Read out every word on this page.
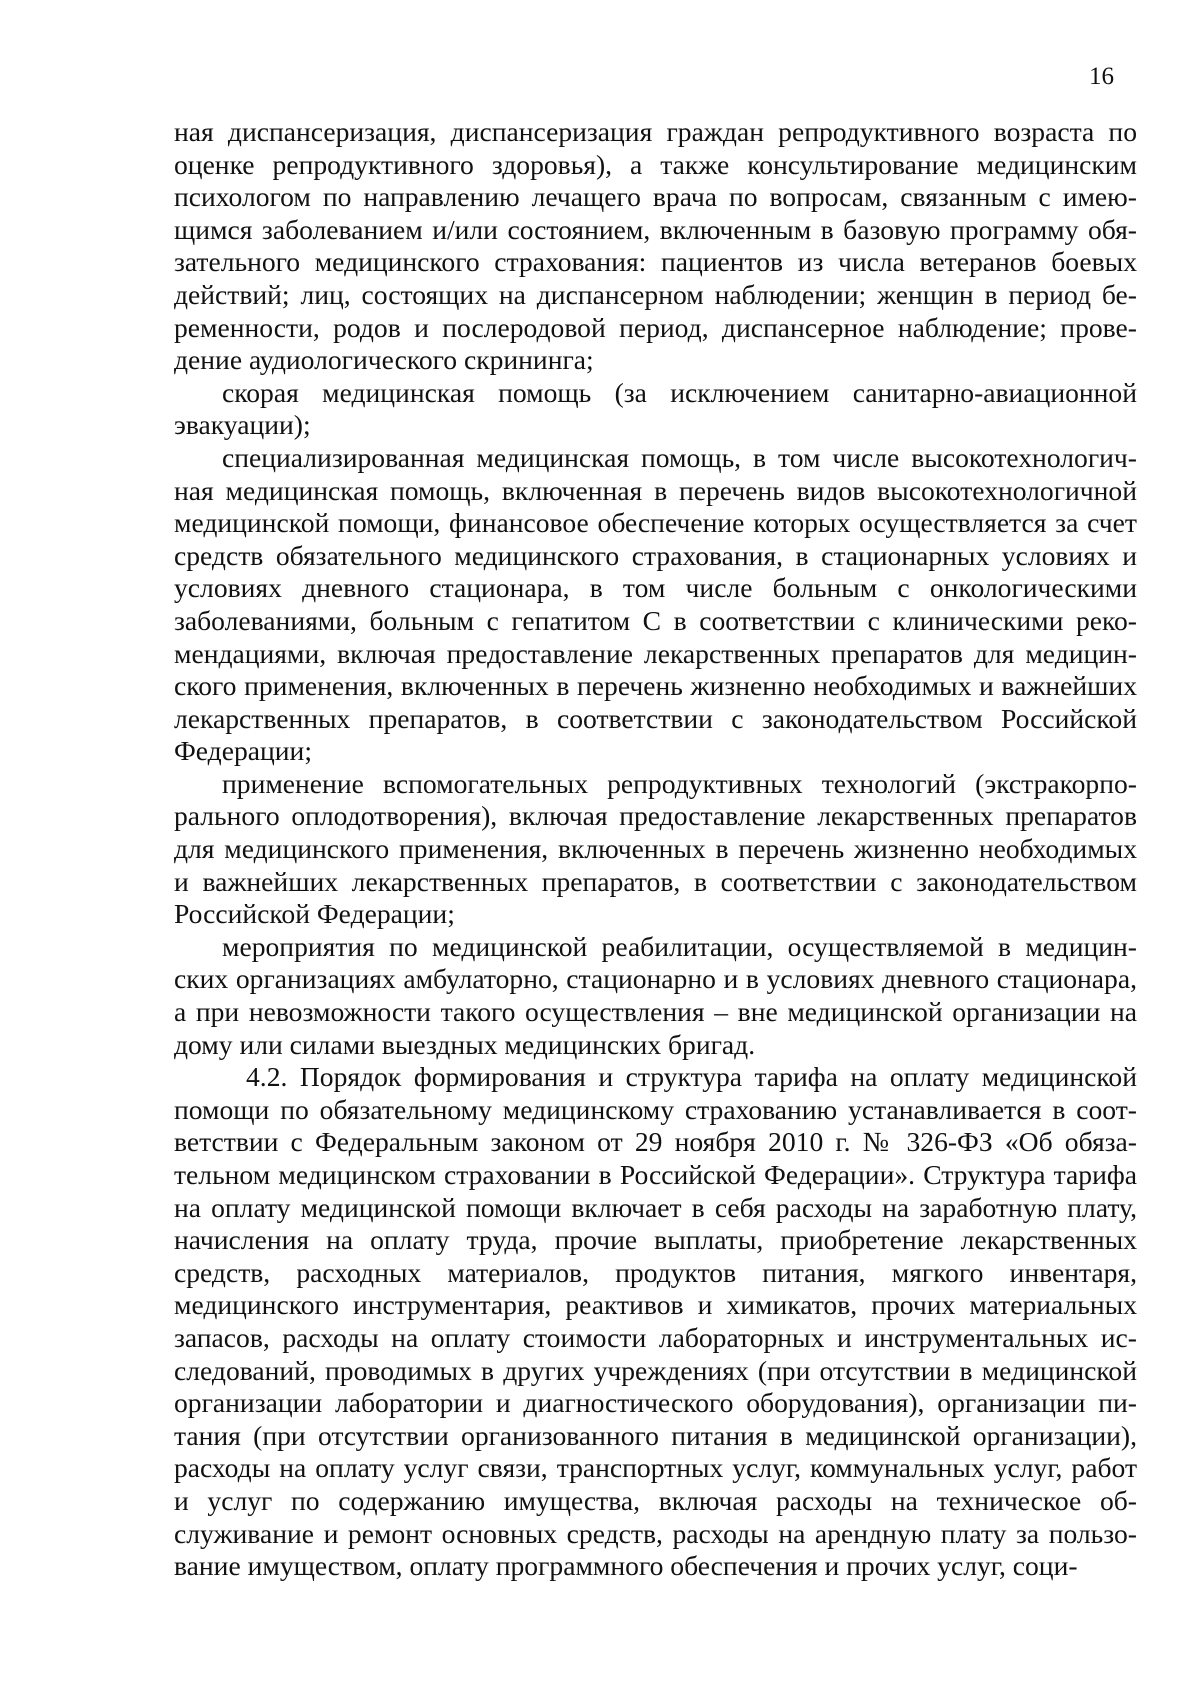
16

ная диспансеризация, диспансеризация граждан репродуктивного возраста по оценке репродуктивного здоровья), а также консультирование медицинским психологом по направлению лечащего врача по вопросам, связанным с имеющимся заболеванием и/или состоянием, включенным в базовую программу обязательного медицинского страхования: пациентов из числа ветеранов боевых действий; лиц, состоящих на диспансерном наблюдении; женщин в период беременности, родов и послеродовой период, диспансерное наблюдение; проведение аудиологического скрининга;

скорая медицинская помощь (за исключением санитарно-авиационной эвакуации);

специализированная медицинская помощь, в том числе высокотехнологичная медицинская помощь, включенная в перечень видов высокотехнологичной медицинской помощи, финансовое обеспечение которых осуществляется за счет средств обязательного медицинского страхования, в стационарных условиях и условиях дневного стационара, в том числе больным с онкологическими заболеваниями, больным с гепатитом С в соответствии с клиническими рекомендациями, включая предоставление лекарственных препаратов для медицинского применения, включенных в перечень жизненно необходимых и важнейших лекарственных препаратов, в соответствии с законодательством Российской Федерации;

применение вспомогательных репродуктивных технологий (экстракорпорального оплодотворения), включая предоставление лекарственных препаратов для медицинского применения, включенных в перечень жизненно необходимых и важнейших лекарственных препаратов, в соответствии с законодательством Российской Федерации;

мероприятия по медицинской реабилитации, осуществляемой в медицинских организациях амбулаторно, стационарно и в условиях дневного стационара, а при невозможности такого осуществления – вне медицинской организации на дому или силами выездных медицинских бригад.

4.2. Порядок формирования и структура тарифа на оплату медицинской помощи по обязательному медицинскому страхованию устанавливается в соответствии с Федеральным законом от 29 ноября 2010 г. № 326-ФЗ «Об обязательном медицинском страховании в Российской Федерации». Структура тарифа на оплату медицинской помощи включает в себя расходы на заработную плату, начисления на оплату труда, прочие выплаты, приобретение лекарственных средств, расходных материалов, продуктов питания, мягкого инвентаря, медицинского инструментария, реактивов и химикатов, прочих материальных запасов, расходы на оплату стоимости лабораторных и инструментальных исследований, проводимых в других учреждениях (при отсутствии в медицинской организации лаборатории и диагностического оборудования), организации питания (при отсутствии организованного питания в медицинской организации), расходы на оплату услуг связи, транспортных услуг, коммунальных услуг, работ и услуг по содержанию имущества, включая расходы на техническое обслуживание и ремонт основных средств, расходы на арендную плату за пользование имуществом, оплату программного обеспечения и прочих услуг, соци-
